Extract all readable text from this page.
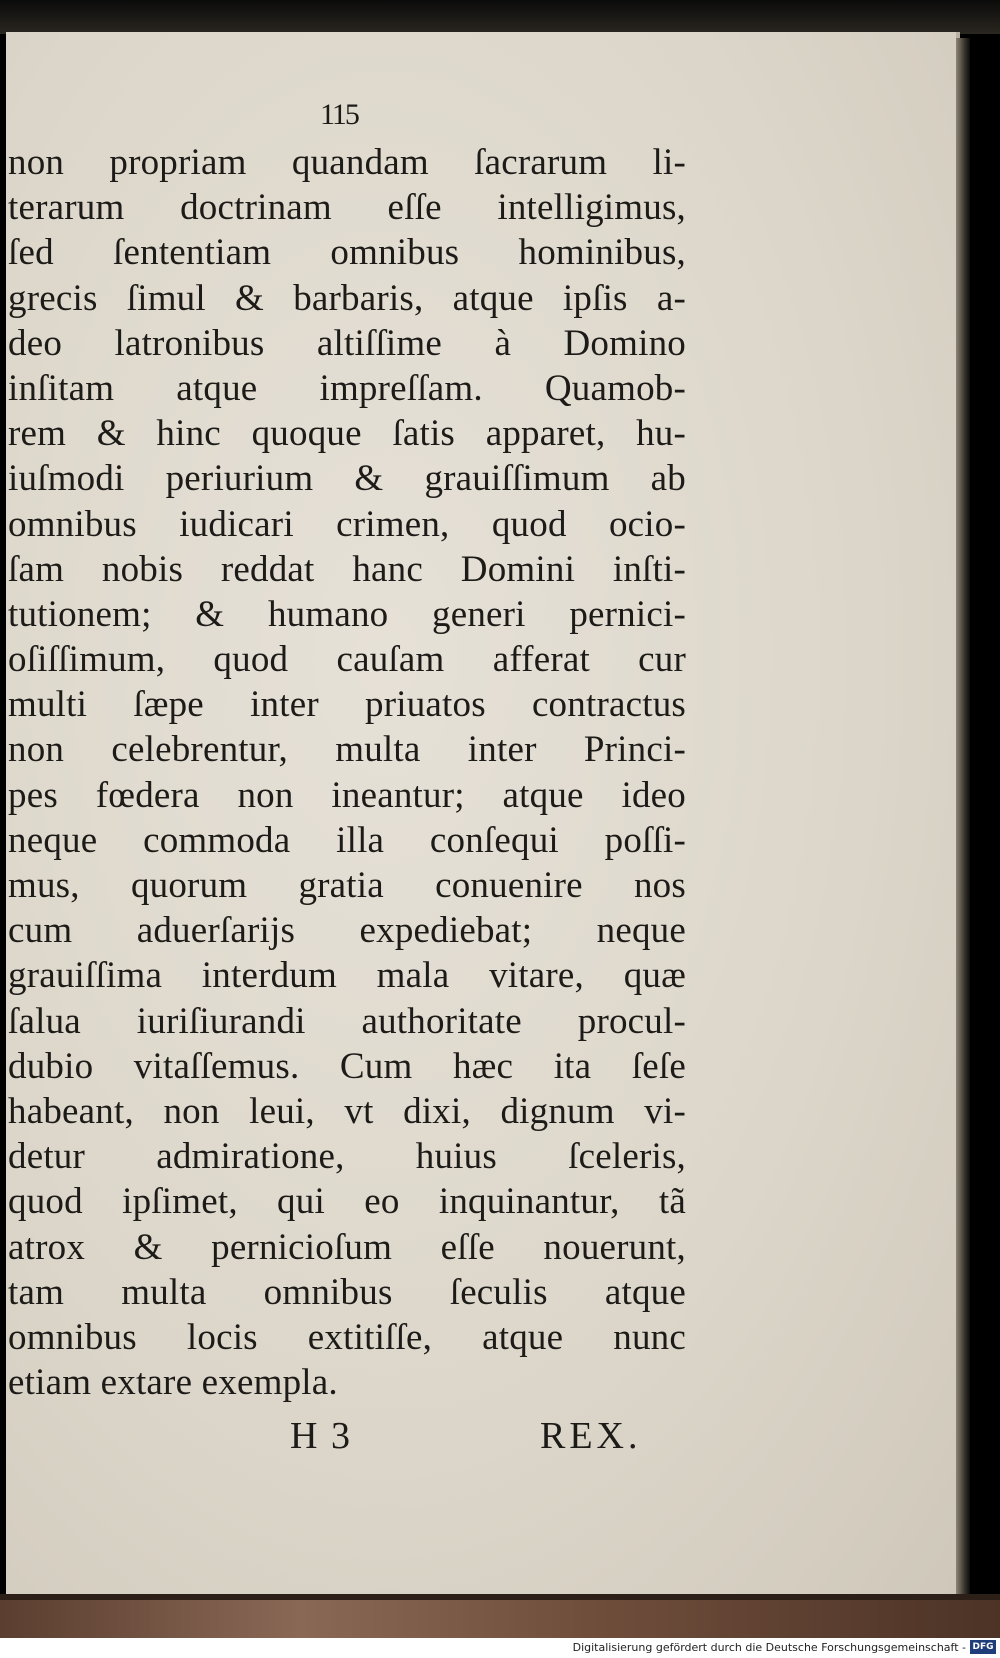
115
non propriam quandam ſacrarum li-
terarum doctrinam eſſe intelligimus,
ſed ſententiam omnibus hominibus,
grecis ſimul & barbaris, atque ipſis a-
deo latronibus altiſſime à Domino
inſitam atque impreſſam. Quamob-
rem & hinc quoque ſatis apparet, hu-
iuſmodi periurium & grauiſſimum ab
omnibus iudicari crimen, quod ocio-
ſam nobis reddat hanc Domini inſti-
tutionem; & humano generi pernici-
oſiſſimum, quod cauſam afferat cur
multi ſæpe inter priuatos contractus
non celebrentur, multa inter Princi-
pes fœdera non ineantur; atque ideo
neque commoda illa conſequi poſſi-
mus, quorum gratia conuenire nos
cum aduerſarijs expediebat; neque
grauiſſima interdum mala vitare, quæ
ſalua iuriſiurandi authoritate procul-
dubio vitaſſemus. Cum hæc ita ſeſe
habeant, non leui, vt dixi, dignum vi-
detur admiratione, huius ſceleris,
quod ipſimet, qui eo inquinantur, tã
atrox & pernicioſum eſſe nouerunt,
tam multa omnibus ſeculis atque
omnibus locis extitiſſe, atque nunc
etiam extare exempla.
H 3	REX.
Digitalisierung gefördert durch die Deutsche Forschungsgemeinschaft - DFG
